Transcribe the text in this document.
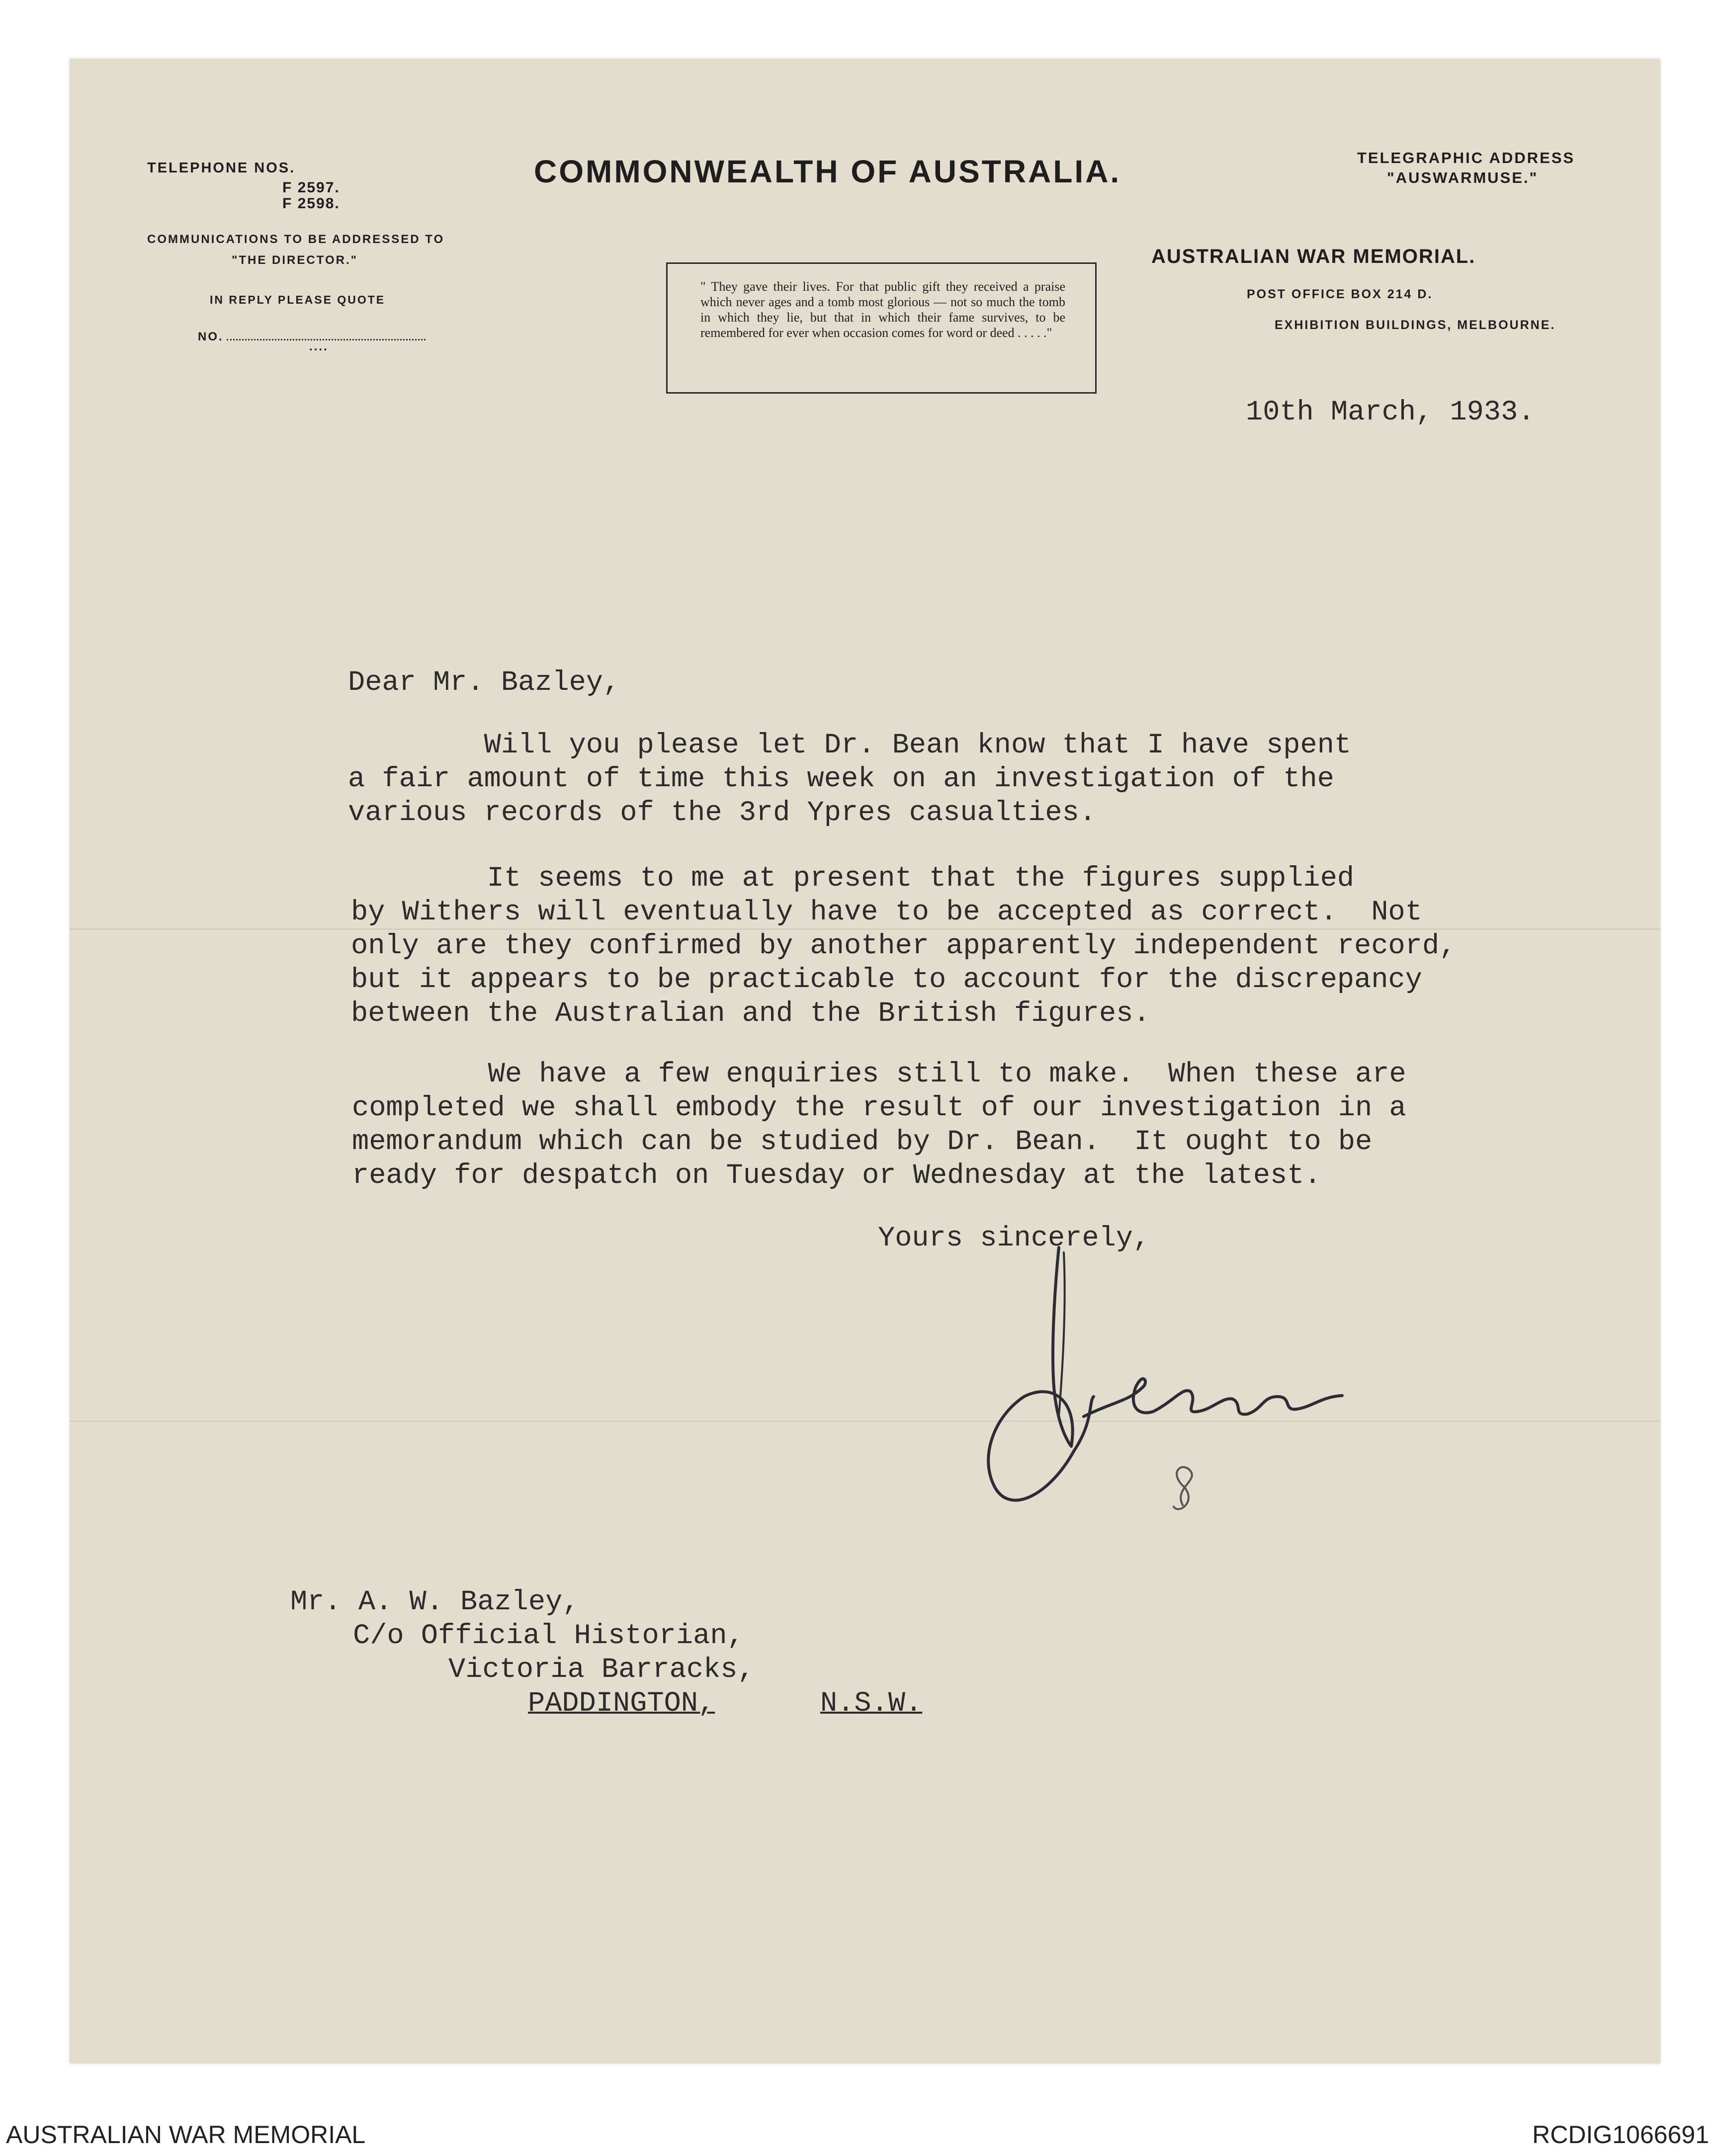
TELEPHONE NOS.
F 2597.
F 2598.
COMMUNICATIONS TO BE ADDRESSED TO
"THE DIRECTOR."
IN REPLY PLEASE QUOTE
NO.
....
COMMONWEALTH OF AUSTRALIA.
" They gave their lives. For that public gift they received a praise which never ages and a tomb most glorious — not so much the tomb in which they lie, but that in which their fame survives, to be remembered for ever when occasion comes for word or deed . . . . ."
TELEGRAPHIC ADDRESS
"AUSWARMUSE."
AUSTRALIAN WAR MEMORIAL.
POST OFFICE BOX 214 D.
EXHIBITION BUILDINGS, MELBOURNE.
10th March, 1933.
Dear Mr. Bazley,
Will you please let Dr. Bean know that I have spent
a fair amount of time this week on an investigation of the
various records of the 3rd Ypres casualties.
It seems to me at present that the figures supplied
by Withers will eventually have to be accepted as correct.  Not
only are they confirmed by another apparently independent record,
but it appears to be practicable to account for the discrepancy
between the Australian and the British figures.
We have a few enquiries still to make.  When these are
completed we shall embody the result of our investigation in a
memorandum which can be studied by Dr. Bean.  It ought to be
ready for despatch on Tuesday or Wednesday at the latest.
Yours sincerely,
Mr. A. W. Bazley,
C/o Official Historian,
Victoria Barracks,
PADDINGTON,	N.S.W.
AUSTRALIAN WAR MEMORIAL	RCDIG1066691
